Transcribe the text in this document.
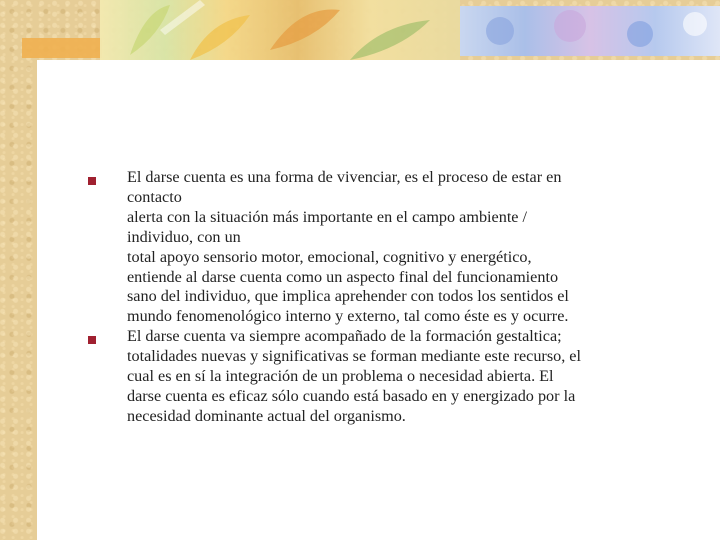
El darse cuenta es una forma de vivenciar, es el proceso de estar en
contacto
alerta con la situación más importante en el campo ambiente /
individuo, con un
total apoyo sensorio motor, emocional, cognitivo y energético,
entiende al darse cuenta como un aspecto final del funcionamiento
sano del individuo, que implica aprehender con todos los sentidos el
mundo fenomenológico interno y externo, tal como éste es y ocurre.
El darse cuenta va siempre acompañado de la formación gestaltica;
totalidades nuevas y significativas se forman mediante este recurso, el
cual es en sí la integración de un problema o necesidad abierta. El
darse cuenta es eficaz sólo cuando está basado en y energizado por la
necesidad dominante actual del organismo.
